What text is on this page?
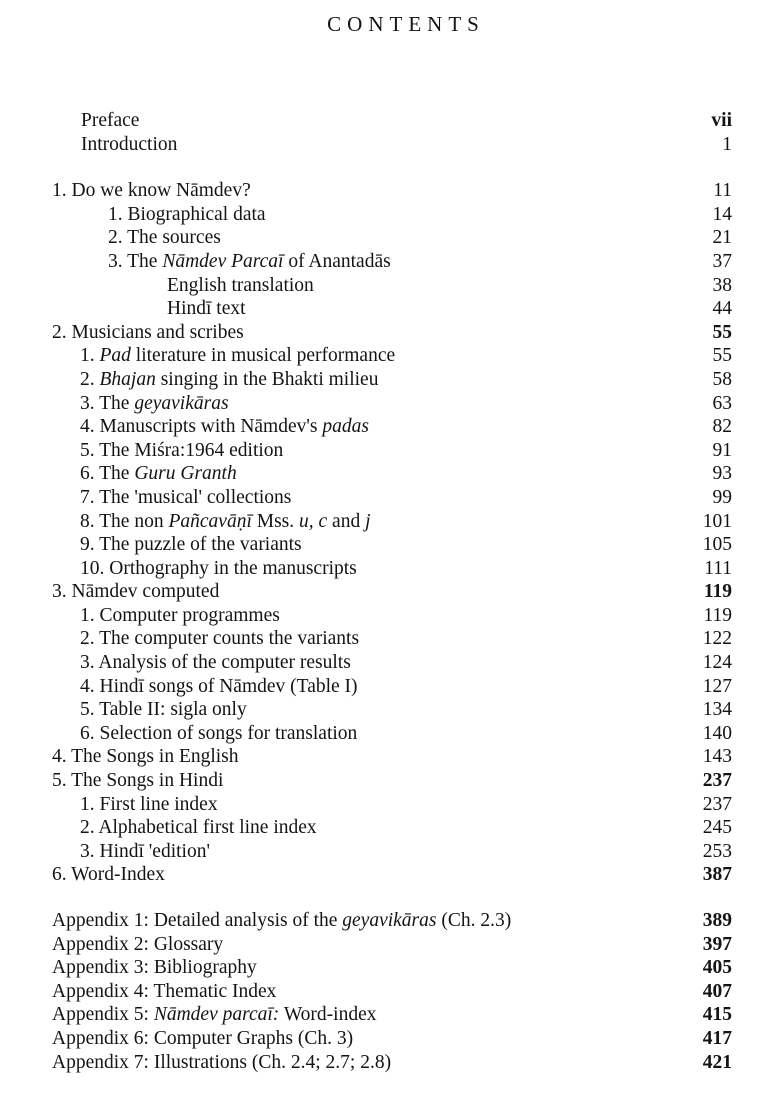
CONTENTS
Preface	vii
Introduction	1
1. Do we know Nāmdev?	11
1. Biographical data	14
2. The sources	21
3. The Nāmdev Parcaī of Anantadās	37
English translation	38
Hindī text	44
2. Musicians and scribes	55
1. Pad literature in musical performance	55
2. Bhajan singing in the Bhakti milieu	58
3. The geyavikāras	63
4. Manuscripts with Nāmdev's padas	82
5. The Miśra:1964 edition	91
6. The Guru Granth	93
7. The 'musical' collections	99
8. The non Pañcavāṇī Mss. u, c and j	101
9. The puzzle of the variants	105
10. Orthography in the manuscripts	111
3. Nāmdev computed	119
1. Computer programmes	119
2. The computer counts the variants	122
3. Analysis of the computer results	124
4. Hindī songs of Nāmdev (Table I)	127
5. Table II: sigla only	134
6. Selection of songs for translation	140
4. The Songs in English	143
5. The Songs in Hindi	237
1. First line index	237
2. Alphabetical first line index	245
3. Hindī 'edition'	253
6. Word-Index	387
Appendix 1: Detailed analysis of the geyavikāras (Ch. 2.3)	389
Appendix 2: Glossary	397
Appendix 3: Bibliography	405
Appendix 4: Thematic Index	407
Appendix 5: Nāmdev parcaī: Word-index	415
Appendix 6: Computer Graphs (Ch. 3)	417
Appendix 7: Illustrations (Ch. 2.4; 2.7; 2.8)	421
